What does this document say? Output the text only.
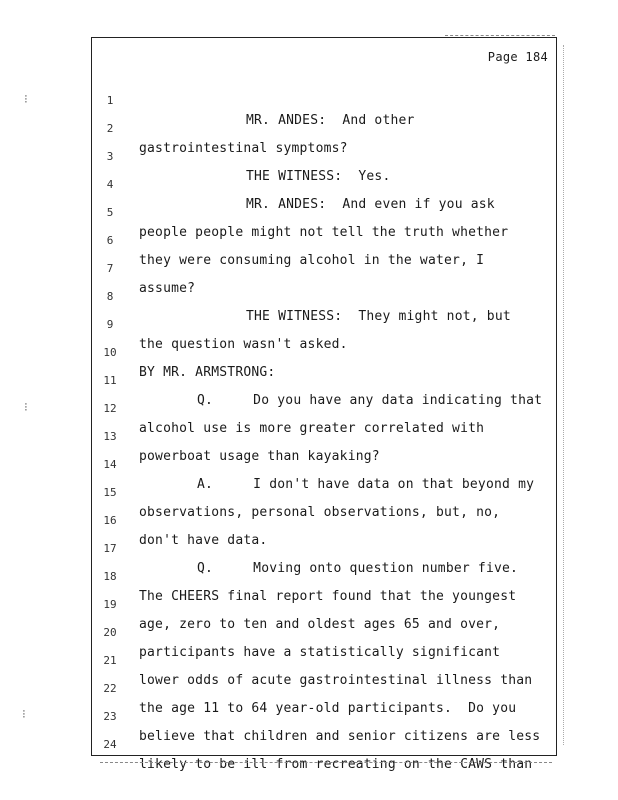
Page 184

1

MR. ANDES:  And other

2

gastrointestinal symptoms?

3

THE WITNESS:  Yes.

4

MR. ANDES:  And even if you ask

5

people people might not tell the truth whether

6

they were consuming alcohol in the water, I

7

assume?

8

THE WITNESS:  They might not, but

9

the question wasn't asked.

10

BY MR. ARMSTRONG:

11

Q.     Do you have any data indicating that

12

alcohol use is more greater correlated with

13

powerboat usage than kayaking?

14

A.     I don't have data on that beyond my

15

observations, personal observations, but, no,

16

don't have data.

17

Q.     Moving onto question number five.

18

The CHEERS final report found that the youngest

19

age, zero to ten and oldest ages 65 and over,

20

participants have a statistically significant

21

lower odds of acute gastrointestinal illness than

22

the age 11 to 64 year-old participants.  Do you

23

believe that children and senior citizens are less

24

likely to be ill from recreating on the CAWS than

⁝
⁝
⁝
